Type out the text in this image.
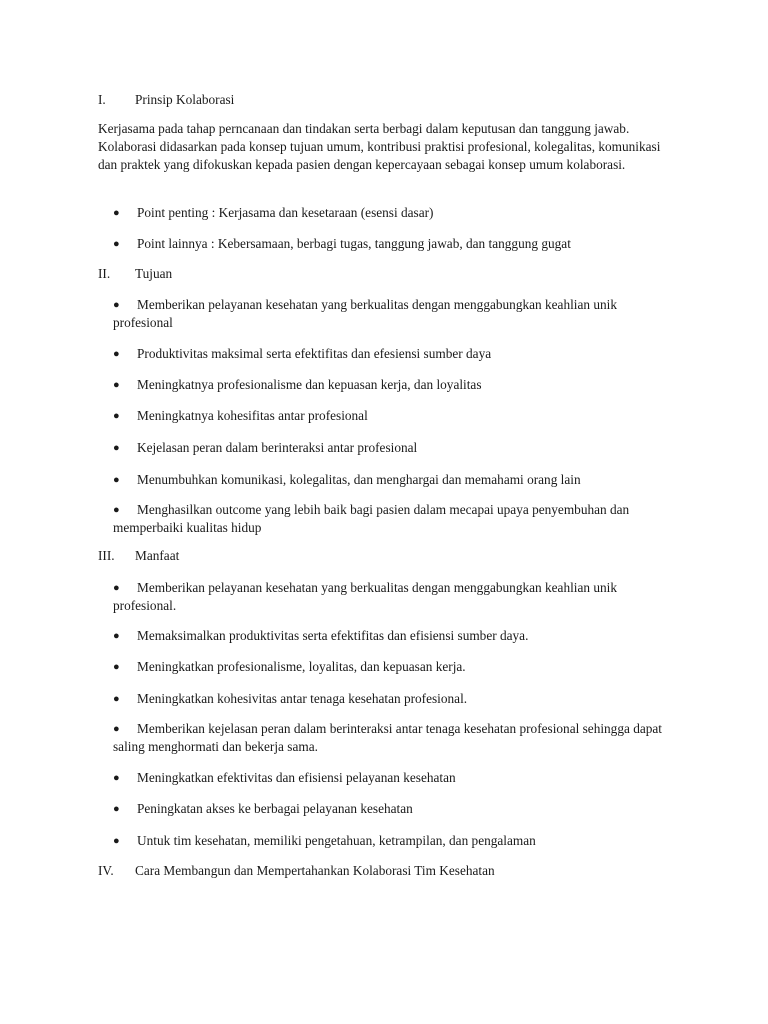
I. Prinsip Kolaborasi
Kerjasama pada tahap perncanaan dan tindakan serta berbagi dalam keputusan dan tanggung jawab. Kolaborasi didasarkan pada konsep tujuan umum, kontribusi praktisi profesional, kolegalitas, komunikasi dan praktek yang difokuskan kepada pasien dengan kepercayaan sebagai konsep umum kolaborasi.
● Point penting : Kerjasama dan kesetaraan (esensi dasar)
● Point lainnya : Kebersamaan, berbagi tugas, tanggung jawab, dan tanggung gugat
II. Tujuan
● Memberikan pelayanan kesehatan yang berkualitas dengan menggabungkan keahlian unik profesional
● Produktivitas maksimal serta efektifitas dan efesiensi sumber daya
● Meningkatnya profesionalisme dan kepuasan kerja, dan loyalitas
● Meningkatnya kohesifitas antar profesional
● Kejelasan peran dalam berinteraksi antar profesional
● Menumbuhkan komunikasi, kolegalitas, dan menghargai dan memahami orang lain
● Menghasilkan outcome yang lebih baik bagi pasien dalam mecapai upaya penyembuhan dan memperbaiki kualitas hidup
III. Manfaat
● Memberikan pelayanan kesehatan yang berkualitas dengan menggabungkan keahlian unik profesional.
● Memaksimalkan produktivitas serta efektifitas dan efisiensi sumber daya.
● Meningkatkan profesionalisme, loyalitas, dan kepuasan kerja.
● Meningkatkan kohesivitas antar tenaga kesehatan profesional.
● Memberikan kejelasan peran dalam berinteraksi antar tenaga kesehatan profesional sehingga dapat saling menghormati dan bekerja sama.
● Meningkatkan efektivitas dan efisiensi pelayanan kesehatan
● Peningkatan akses ke berbagai pelayanan kesehatan
● Untuk tim kesehatan, memiliki pengetahuan, ketrampilan, dan pengalaman
IV. Cara Membangun dan Mempertahankan Kolaborasi Tim Kesehatan
